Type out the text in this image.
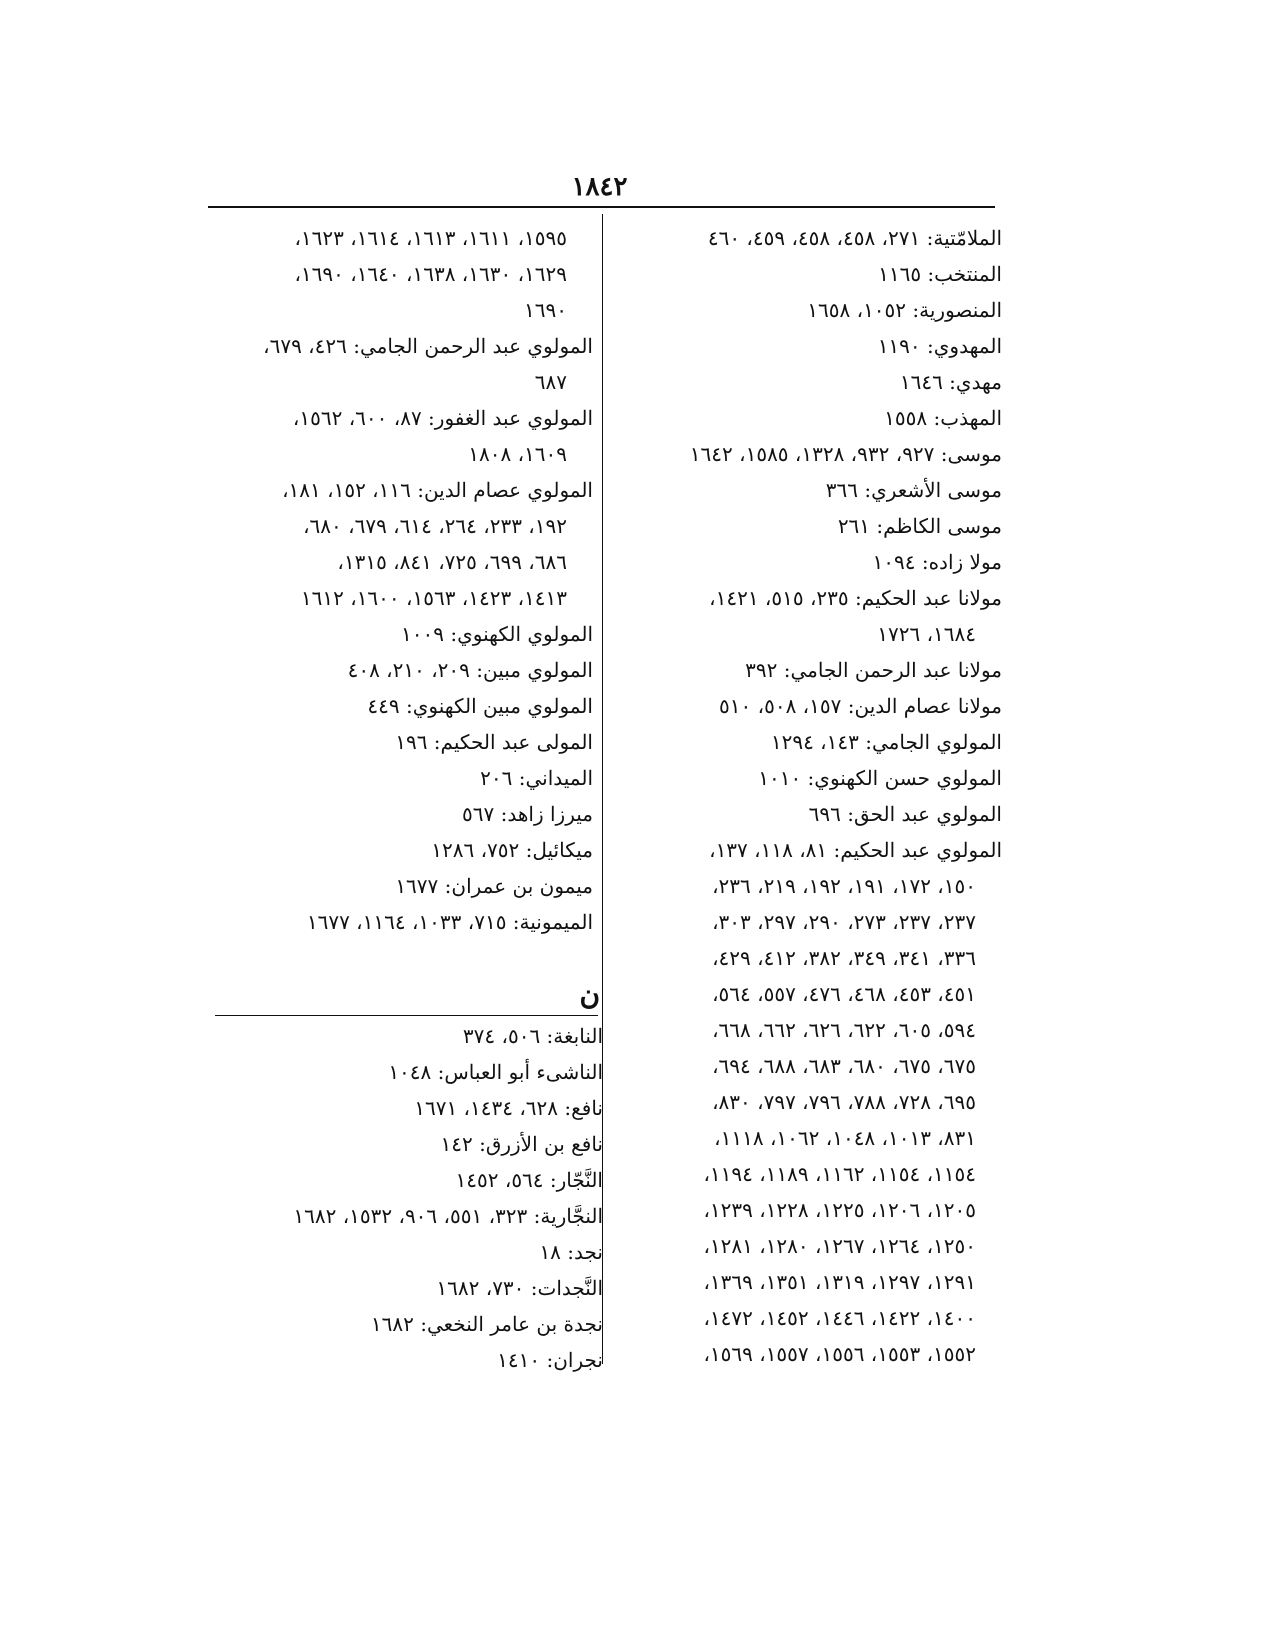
١٨٤٢
الملامّتية: ٢٧١، ٤٥٨، ٤٥٨، ٤٥٩، ٤٦٠
المنتخب: ١١٦٥
المنصورية: ١٠٥٢، ١٦٥٨
المهدوي: ١١٩٠
مهدي: ١٦٤٦
المهذب: ١٥٥٨
موسى: ٩٢٧، ٩٣٢، ١٣٢٨، ١٥٨٥، ١٦٤٢
موسى الأشعري: ٣٦٦
موسى الكاظم: ٢٦١
مولا زاده: ١٠٩٤
مولانا عبد الحكيم: ٢٣٥، ٥١٥، ١٤٢١،
١٦٨٤، ١٧٢٦
مولانا عبد الرحمن الجامي: ٣٩٢
مولانا عصام الدين: ١٥٧، ٥٠٨، ٥١٠
المولوي الجامي: ١٤٣، ١٢٩٤
المولوي حسن الكهنوي: ١٠١٠
المولوي عبد الحق: ٦٩٦
المولوي عبد الحكيم: ٨١، ١١٨، ١٣٧،
١٥٠، ١٧٢، ١٩١، ١٩٢، ٢١٩، ٢٣٦،
٢٣٧، ٢٣٧، ٢٧٣، ٢٩٠، ٢٩٧، ٣٠٣،
٣٣٦، ٣٤١، ٣٤٩، ٣٨٢، ٤١٢، ٤٢٩،
٤٥١، ٤٥٣، ٤٦٨، ٤٧٦، ٥٥٧، ٥٦٤،
٥٩٤، ٦٠٥، ٦٢٢، ٦٢٦، ٦٦٢، ٦٦٨،
٦٧٥، ٦٧٥، ٦٨٠، ٦٨٣، ٦٨٨، ٦٩٤،
٦٩٥، ٧٢٨، ٧٨٨، ٧٩٦، ٧٩٧، ٨٣٠،
٨٣١، ١٠١٣، ١٠٤٨، ١٠٦٢، ١١١٨،
١١٥٤، ١١٥٤، ١١٦٢، ١١٨٩، ١١٩٤،
١٢٠٥، ١٢٠٦، ١٢٢٥، ١٢٢٨، ١٢٣٩،
١٢٥٠، ١٢٦٤، ١٢٦٧، ١٢٨٠، ١٢٨١،
١٢٩١، ١٢٩٧، ١٣١٩، ١٣٥١، ١٣٦٩،
١٤٠٠، ١٤٢٢، ١٤٤٦، ١٤٥٢، ١٤٧٢،
١٥٥٢، ١٥٥٣، ١٥٥٦، ١٥٥٧، ١٥٦٩،
١٥٩٥، ١٦١١، ١٦١٣، ١٦١٤، ١٦٢٣،
١٦٢٩، ١٦٣٠، ١٦٣٨، ١٦٤٠، ١٦٩٠،
١٦٩٠
المولوي عبد الرحمن الجامي: ٤٢٦، ٦٧٩،
٦٨٧
المولوي عبد الغفور: ٨٧، ٦٠٠، ١٥٦٢،
١٦٠٩، ١٨٠٨
المولوي عصام الدين: ١١٦، ١٥٢، ١٨١،
١٩٢، ٢٣٣، ٢٦٤، ٦١٤، ٦٧٩، ٦٨٠،
٦٨٦، ٦٩٩، ٧٢٥، ٨٤١، ١٣١٥،
١٤١٣، ١٤٢٣، ١٥٦٣، ١٦٠٠، ١٦١٢
المولوي الكهنوي: ١٠٠٩
المولوي مبين: ٢٠٩، ٢١٠، ٤٠٨
المولوي مبين الكهنوي: ٤٤٩
المولى عبد الحكيم: ١٩٦
الميداني: ٢٠٦
ميرزا زاهد: ٥٦٧
ميكائيل: ٧٥٢، ١٢٨٦
ميمون بن عمران: ١٦٧٧
الميمونية: ٧١٥، ١٠٣٣، ١١٦٤، ١٦٧٧
ن
النابغة: ٥٠٦، ٣٧٤
الناشىء أبو العباس: ١٠٤٨
نافع: ٦٢٨، ١٤٣٤، ١٦٧١
نافع بن الأزرق: ١٤٢
النَّجّار: ٥٦٤، ١٤٥٢
النجَّارية: ٣٢٣، ٥٥١، ٩٠٦، ١٥٣٢، ١٦٨٢
نجد: ١٨
النَّجدات: ٧٣٠، ١٦٨٢
نجدة بن عامر النخعي: ١٦٨٢
نجران: ١٤١٠
